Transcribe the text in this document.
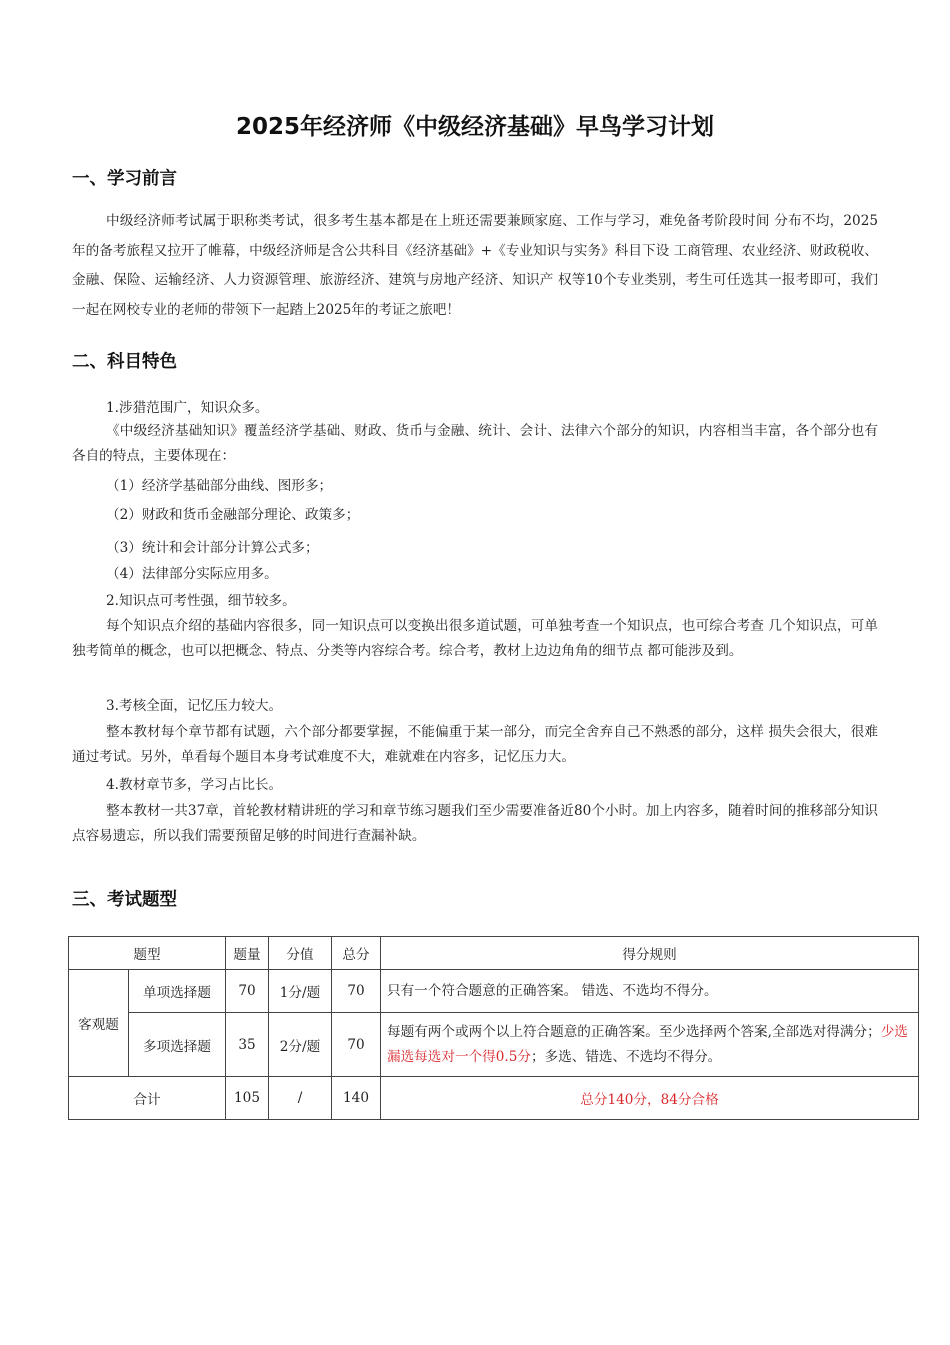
2025年经济师《中级经济基础》早鸟学习计划
一、学习前言

中级经济师考试属于职称类考试，很多考生基本都是在上班还需要兼顾家庭、工作与学习，难免备考阶段时间 分布不均，2025年的备考旅程又拉开了帷幕，中级经济师是含公共科目《经济基础》+《专业知识与实务》科目下设 工商管理、农业经济、财政税收、金融、保险、运输经济、人力资源管理、旅游经济、建筑与房地产经济、知识产 权等10个专业类别，考生可任选其一报考即可，我们一起在网校专业的老师的带领下一起踏上2025年的考证之旅吧！

二、科目特色

1.涉猎范围广，知识众多。

《中级经济基础知识》覆盖经济学基础、财政、货币与金融、统计、会计、法律六个部分的知识，内容相当丰富，各个部分也有各自的特点，主要体现在：

（1）经济学基础部分曲线、图形多；

（2）财政和货币金融部分理论、政策多；

（3）统计和会计部分计算公式多；

（4）法律部分实际应用多。

2.知识点可考性强，细节较多。

每个知识点介绍的基础内容很多，同一知识点可以变换出很多道试题，可单独考查一个知识点，也可综合考查 几个知识点，可单独考简单的概念，也可以把概念、特点、分类等内容综合考。综合考，教材上边边角角的细节点 都可能涉及到。

3.考核全面，记忆压力较大。

整本教材每个章节都有试题，六个部分都要掌握，不能偏重于某一部分，而完全舍弃自己不熟悉的部分，这样 损失会很大，很难通过考试。另外，单看每个题目本身考试难度不大，难就难在内容多，记忆压力大。

4.教材章节多，学习占比长。

整本教材一共37章，首轮教材精讲班的学习和章节练习题我们至少需要准备近80个小时。加上内容多，随着时间的推移部分知识点容易遗忘，所以我们需要预留足够的时间进行查漏补缺。

三、考试题型
题型		题量	分值	总分	得分规则
客观题	单项选择题	70	1分/题	70	只有一个符合题意的正确答案。 错选、不选均不得分。
	多项选择题	35	2分/题	70	每题有两个或两个以上符合题意的正确答案。至少选择两个答案,全部选对得满分；少选漏选每选对一个得0.5分；多选、错选、不选均不得分。
合计		105	/	140	总分140分，84分合格
